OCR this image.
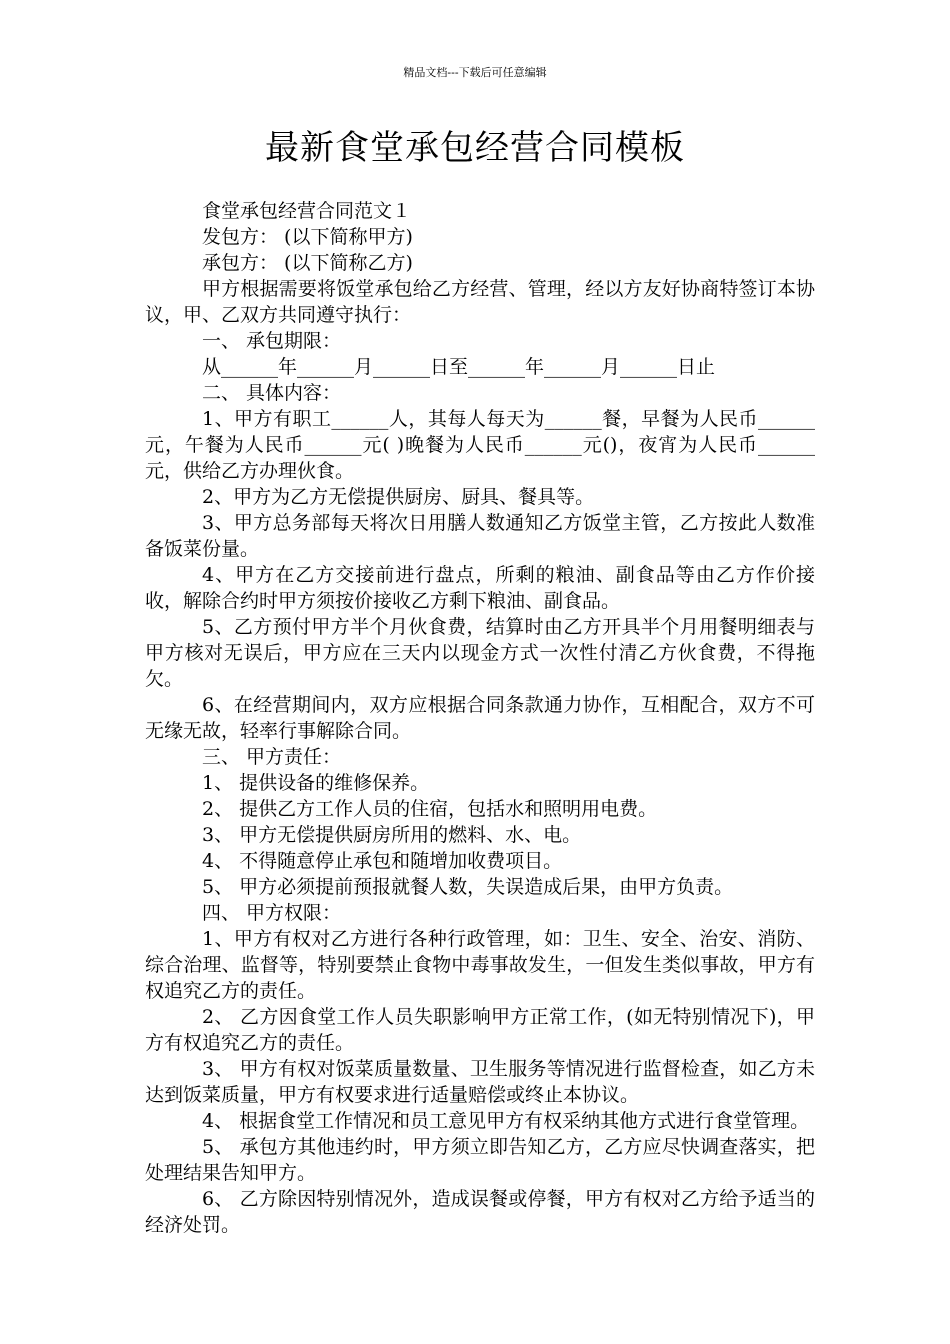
精品文档---下载后可任意编辑
最新食堂承包经营合同模板

食堂承包经营合同范文１

发包方： (以下简称甲方)

承包方： (以下简称乙方)

甲方根据需要将饭堂承包给乙方经营、管理，经以方友好协商特签订本协议，甲、乙双方共同遵守执行：

一、 承包期限：

从______年______月______日至______年______月______日止

二、 具体内容：

1、甲方有职工______人，其每人每天为______餐，早餐为人民币______元，午餐为人民币______元( )晚餐为人民币______元()，夜宵为人民币______元，供给乙方办理伙食。

2、甲方为乙方无偿提供厨房、厨具、餐具等。

3、甲方总务部每天将次日用膳人数通知乙方饭堂主管，乙方按此人数准备饭菜份量。

4、甲方在乙方交接前进行盘点，所剩的粮油、副食品等由乙方作价接收，解除合约时甲方须按价接收乙方剩下粮油、副食品。

5、乙方预付甲方半个月伙食费，结算时由乙方开具半个月用餐明细表与甲方核对无误后，甲方应在三天内以现金方式一次性付清乙方伙食费，不得拖欠。

6、在经营期间内，双方应根据合同条款通力协作，互相配合，双方不可无缘无故，轻率行事解除合同。

三、 甲方责任：

1、 提供设备的维修保养。

2、 提供乙方工作人员的住宿，包括水和照明用电费。

3、 甲方无偿提供厨房所用的燃料、水、电。

4、 不得随意停止承包和随增加收费项目。

5、 甲方必须提前预报就餐人数，失误造成后果，由甲方负责。

四、 甲方权限：

1、甲方有权对乙方进行各种行政管理，如：卫生、安全、治安、消防、综合治理、监督等，特别要禁止食物中毒事故发生，一但发生类似事故，甲方有权追究乙方的责任。

2、 乙方因食堂工作人员失职影响甲方正常工作，(如无特别情况下)，甲方有权追究乙方的责任。

3、 甲方有权对饭菜质量数量、卫生服务等情况进行监督检查，如乙方未达到饭菜质量，甲方有权要求进行适量赔偿或终止本协议。

4、 根据食堂工作情况和员工意见甲方有权采纳其他方式进行食堂管理。

5、 承包方其他违约时，甲方须立即告知乙方，乙方应尽快调查落实，把处理结果告知甲方。

6、 乙方除因特别情况外，造成误餐或停餐，甲方有权对乙方给予适当的经济处罚。
